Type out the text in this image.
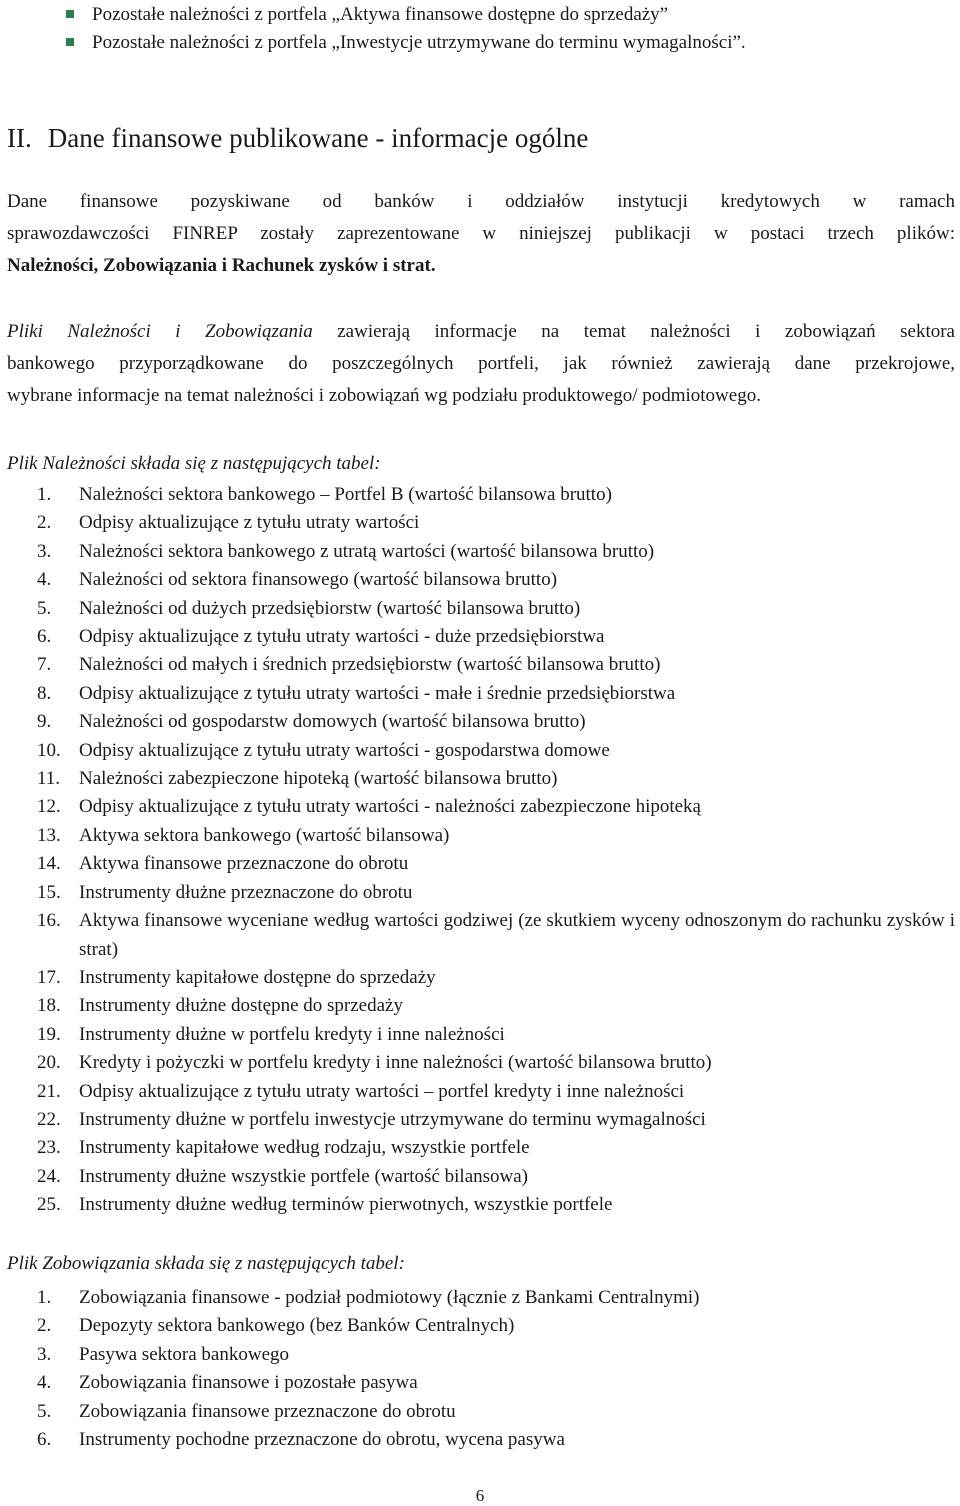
Pozostałe należności z portfela „Aktywa finansowe dostępne do sprzedaży”
Pozostałe należności z portfela „Inwestycje utrzymywane do terminu wymagalności”.
II. Dane finansowe publikowane - informacje ogólne

Dane finansowe pozyskiwane od banków i oddziałów instytucji kredytowych w ramach
sprawozdawczości FINREP zostały zaprezentowane w niniejszej publikacji w postaci trzech plików:
Należności, Zobowiązania i Rachunek zysków i strat.

Pliki Należności i Zobowiązania zawierają informacje na temat należności i zobowiązań sektora
bankowego przyporządkowane do poszczególnych portfeli, jak również zawierają dane przekrojowe,
wybrane informacje na temat należności i zobowiązań wg podziału produktowego/ podmiotowego.

Plik Należności składa się z następujących tabel:

1. Należności sektora bankowego – Portfel B (wartość bilansowa brutto)
2. Odpisy aktualizujące z tytułu utraty wartości
3. Należności sektora bankowego z utratą wartości (wartość bilansowa brutto)
4. Należności od sektora finansowego (wartość bilansowa brutto)
5. Należności od dużych przedsiębiorstw (wartość bilansowa brutto)
6. Odpisy aktualizujące z tytułu utraty wartości - duże przedsiębiorstwa
7. Należności od małych i średnich przedsiębiorstw (wartość bilansowa brutto)
8. Odpisy aktualizujące z tytułu utraty wartości - małe i średnie przedsiębiorstwa
9. Należności od gospodarstw domowych (wartość bilansowa brutto)
10. Odpisy aktualizujące z tytułu utraty wartości - gospodarstwa domowe
11. Należności zabezpieczone hipoteką (wartość bilansowa brutto)
12. Odpisy aktualizujące z tytułu utraty wartości - należności zabezpieczone hipoteką
13. Aktywa sektora bankowego (wartość bilansowa)
14. Aktywa finansowe przeznaczone do obrotu
15. Instrumenty dłużne przeznaczone do obrotu
16. Aktywa finansowe wyceniane według wartości godziwej (ze skutkiem wyceny odnoszonym do rachunku zysków i strat)
17. Instrumenty kapitałowe dostępne do sprzedaży
18. Instrumenty dłużne dostępne do sprzedaży
19. Instrumenty dłużne w portfelu kredyty i inne należności
20. Kredyty i pożyczki w portfelu kredyty i inne należności (wartość bilansowa brutto)
21. Odpisy aktualizujące z tytułu utraty wartości – portfel kredyty i inne należności
22. Instrumenty dłużne w portfelu inwestycje utrzymywane do terminu wymagalności
23. Instrumenty kapitałowe według rodzaju, wszystkie portfele
24. Instrumenty dłużne wszystkie portfele (wartość bilansowa)
25. Instrumenty dłużne według terminów pierwotnych, wszystkie portfele

Plik Zobowiązania składa się z następujących tabel:

1. Zobowiązania finansowe - podział podmiotowy (łącznie z Bankami Centralnymi)
2. Depozyty sektora bankowego (bez Banków Centralnych)
3. Pasywa sektora bankowego
4. Zobowiązania finansowe i pozostałe pasywa
5. Zobowiązania finansowe przeznaczone do obrotu
6. Instrumenty pochodne przeznaczone do obrotu, wycena pasywa

6
